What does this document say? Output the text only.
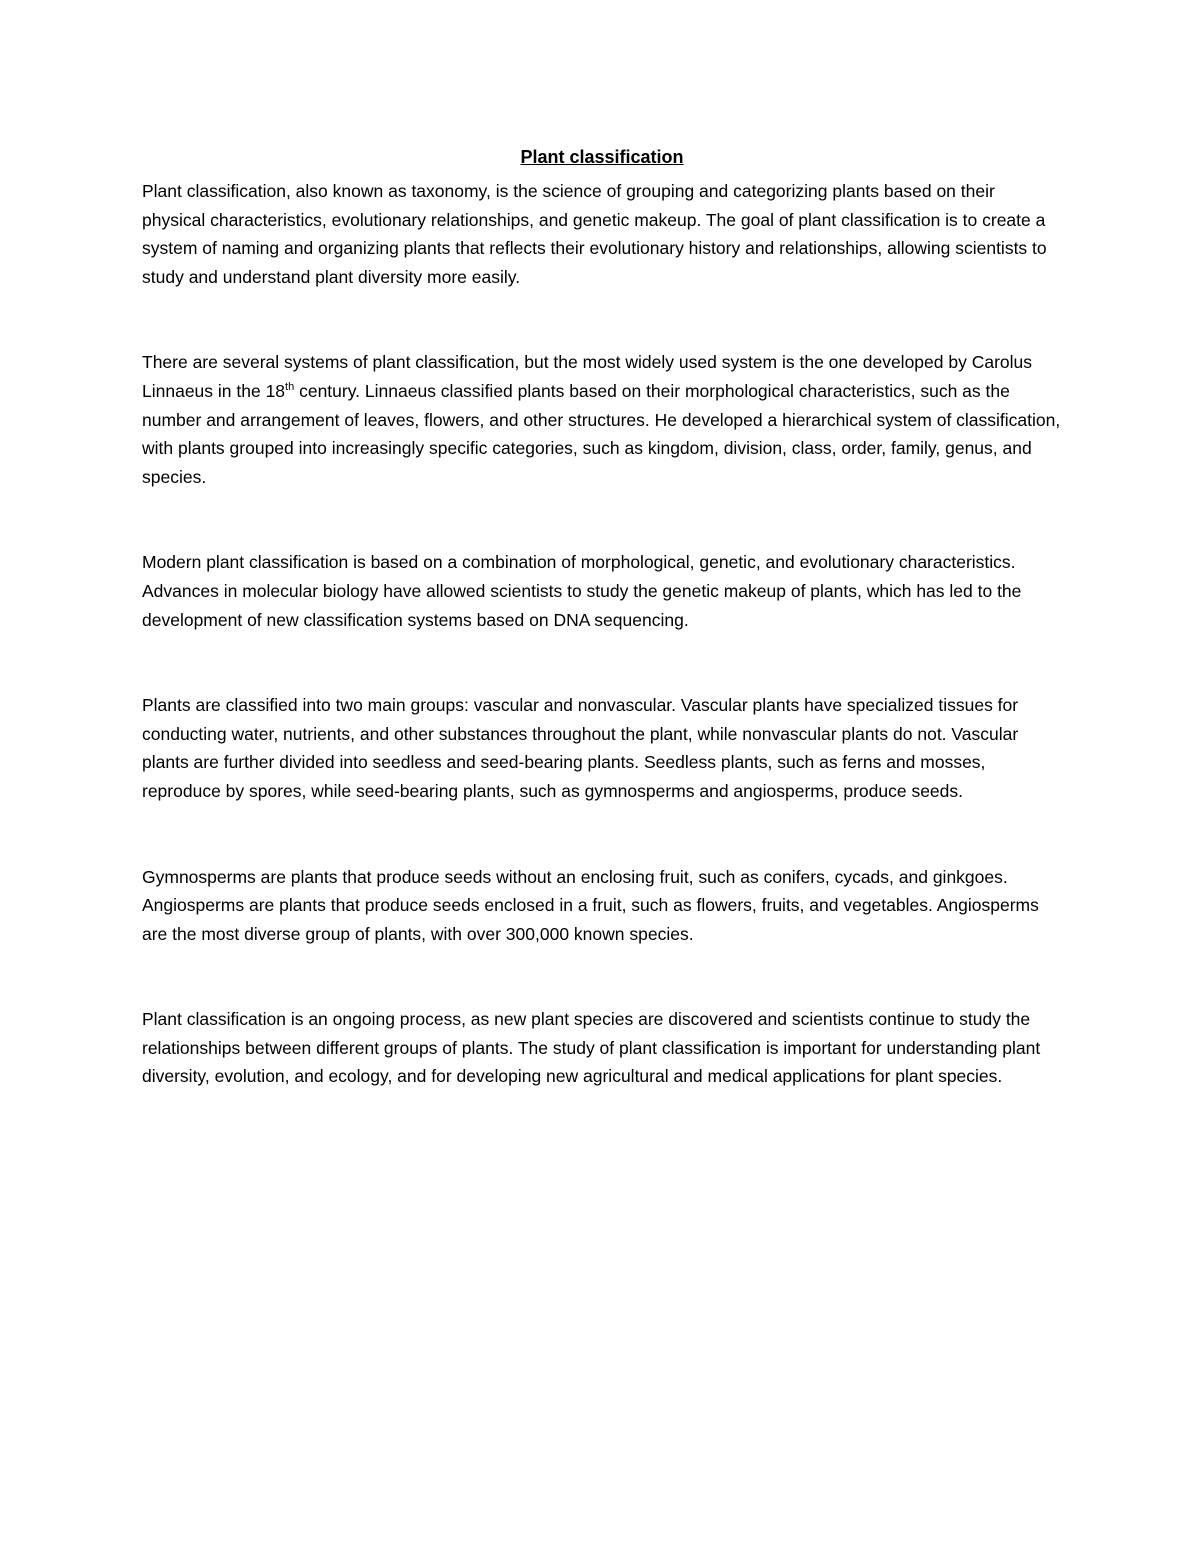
Plant classification

Plant classification, also known as taxonomy, is the science of grouping and categorizing plants based on their physical characteristics, evolutionary relationships, and genetic makeup. The goal of plant classification is to create a system of naming and organizing plants that reflects their evolutionary history and relationships, allowing scientists to study and understand plant diversity more easily.

There are several systems of plant classification, but the most widely used system is the one developed by Carolus Linnaeus in the 18th century. Linnaeus classified plants based on their morphological characteristics, such as the number and arrangement of leaves, flowers, and other structures. He developed a hierarchical system of classification, with plants grouped into increasingly specific categories, such as kingdom, division, class, order, family, genus, and species.

Modern plant classification is based on a combination of morphological, genetic, and evolutionary characteristics. Advances in molecular biology have allowed scientists to study the genetic makeup of plants, which has led to the development of new classification systems based on DNA sequencing.

Plants are classified into two main groups: vascular and nonvascular. Vascular plants have specialized tissues for conducting water, nutrients, and other substances throughout the plant, while nonvascular plants do not. Vascular plants are further divided into seedless and seed-bearing plants. Seedless plants, such as ferns and mosses, reproduce by spores, while seed-bearing plants, such as gymnosperms and angiosperms, produce seeds.

Gymnosperms are plants that produce seeds without an enclosing fruit, such as conifers, cycads, and ginkgoes. Angiosperms are plants that produce seeds enclosed in a fruit, such as flowers, fruits, and vegetables. Angiosperms are the most diverse group of plants, with over 300,000 known species.

Plant classification is an ongoing process, as new plant species are discovered and scientists continue to study the relationships between different groups of plants. The study of plant classification is important for understanding plant diversity, evolution, and ecology, and for developing new agricultural and medical applications for plant species.
